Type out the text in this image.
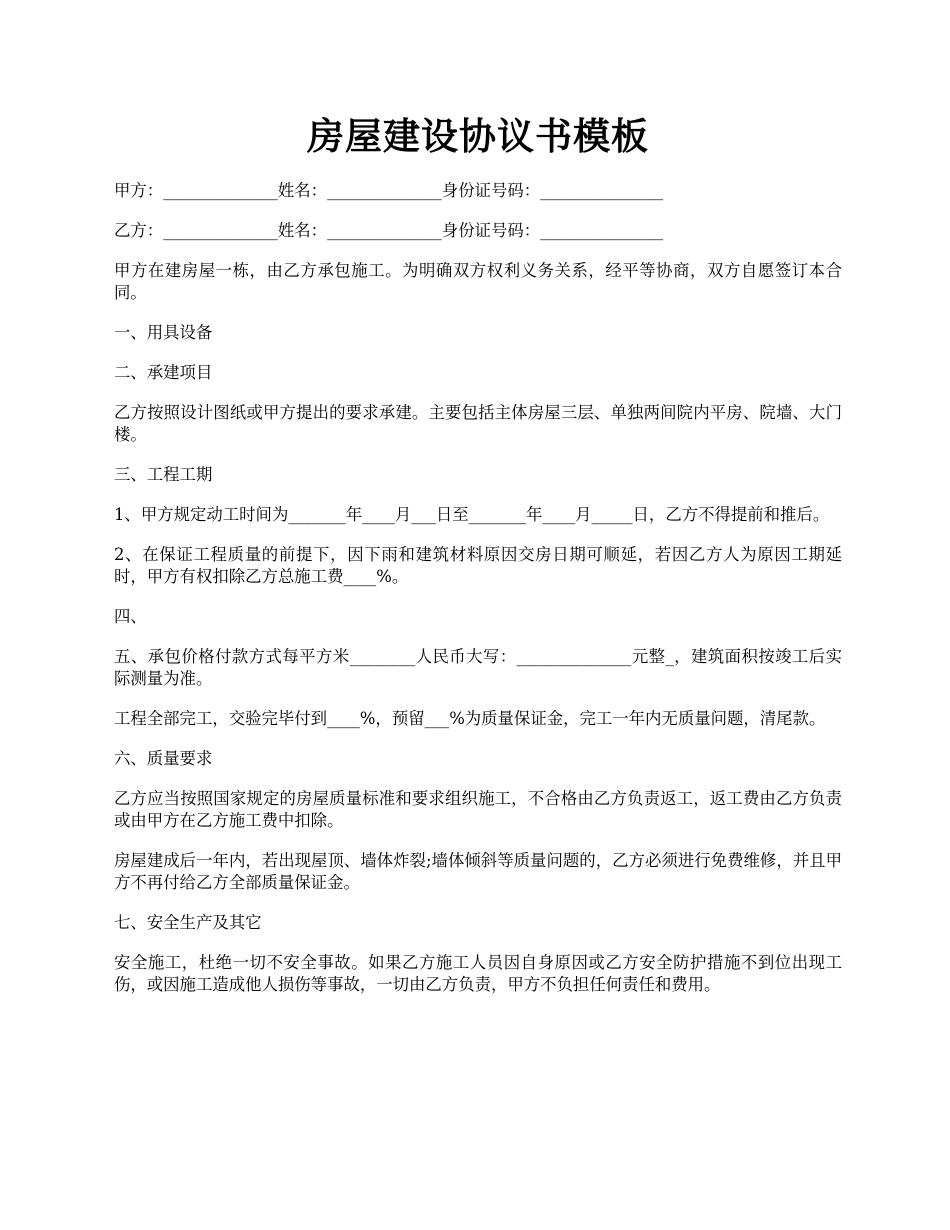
房屋建设协议书模板

甲方：______________姓名：______________身份证号码：_______________

乙方：______________姓名：______________身份证号码：_______________

甲方在建房屋一栋，由乙方承包施工。为明确双方权利义务关系，经平等协商，双方自愿签订本合同。

一、用具设备

二、承建项目

乙方按照设计图纸或甲方提出的要求承建。主要包括主体房屋三层、单独两间院内平房、院墙、大门楼。

三、工程工期

1、甲方规定动工时间为_______年____月___日至_______年____月_____日，乙方不得提前和推后。

2、在保证工程质量的前提下，因下雨和建筑材料原因交房日期可顺延，若因乙方人为原因工期延时，甲方有权扣除乙方总施工费____%。

四、

五、承包价格付款方式每平方米________人民币大写：______________元整_，建筑面积按竣工后实际测量为准。

工程全部完工，交验完毕付到____%，预留___%为质量保证金，完工一年内无质量问题，清尾款。

六、质量要求

乙方应当按照国家规定的房屋质量标准和要求组织施工，不合格由乙方负责返工，返工费由乙方负责或由甲方在乙方施工费中扣除。

房屋建成后一年内，若出现屋顶、墙体炸裂;墙体倾斜等质量问题的，乙方必须进行免费维修，并且甲方不再付给乙方全部质量保证金。

七、安全生产及其它

安全施工，杜绝一切不安全事故。如果乙方施工人员因自身原因或乙方安全防护措施不到位出现工伤，或因施工造成他人损伤等事故，一切由乙方负责，甲方不负担任何责任和费用。
